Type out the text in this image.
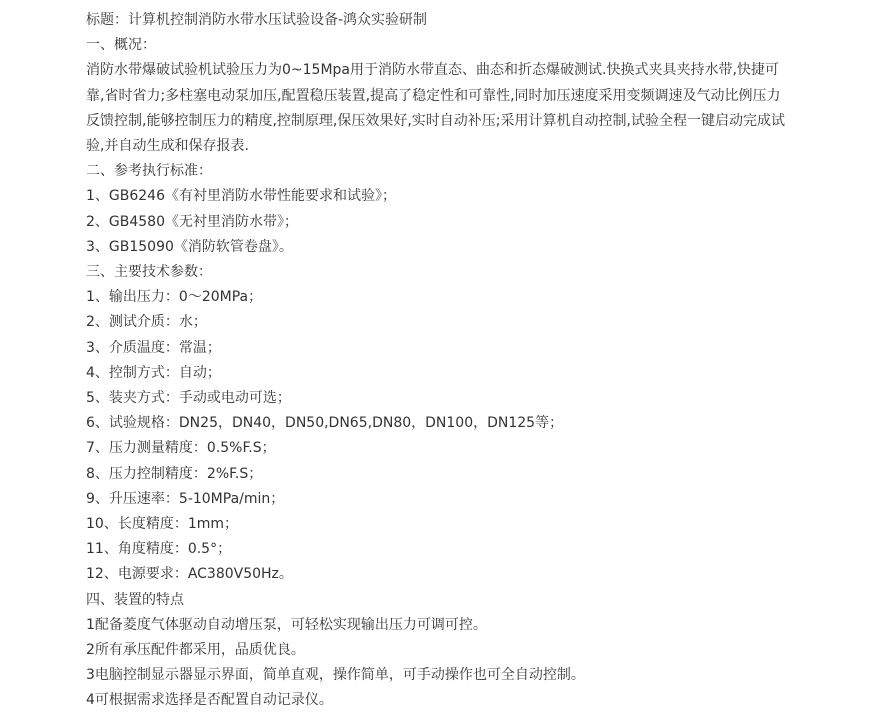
标题：计算机控制消防水带水压试验设备-鸿众实验研制
一、概况：
消防水带爆破试验机试验压力为0~15Mpa用于消防水带直态、曲态和折态爆破测试.快换式夹具夹持水带,快捷可靠,省时省力;多柱塞电动泵加压,配置稳压装置,提高了稳定性和可靠性,同时加压速度采用变频调速及气动比例压力反馈控制,能够控制压力的精度,控制原理,保压效果好,实时自动补压;采用计算机自动控制,试验全程一键启动完成试验,并自动生成和保存报表.
二、参考执行标准：
1、GB6246《有衬里消防水带性能要求和试验》；
2、GB4580《无衬里消防水带》；
3、GB15090《消防软管卷盘》。
三、主要技术参数：
1、输出压力：0～20MPa；
2、测试介质：水；
3、介质温度：常温；
4、控制方式：自动；
5、装夹方式：手动或电动可选；
6、试验规格：DN25，DN40，DN50,DN65,DN80，DN100，DN125等；
7、压力测量精度：0.5%F.S；
8、压力控制精度：2%F.S；
9、升压速率：5-10MPa/min；
10、长度精度：1mm；
11、角度精度：0.5°；
12、电源要求：AC380V50Hz。
四、装置的特点
1配备菱度气体驱动自动增压泵，可轻松实现输出压力可调可控。
2所有承压配件都采用，品质优良。
3电脑控制显示器显示界面，简单直观，操作简单，可手动操作也可全自动控制。
4可根据需求选择是否配置自动记录仪。
